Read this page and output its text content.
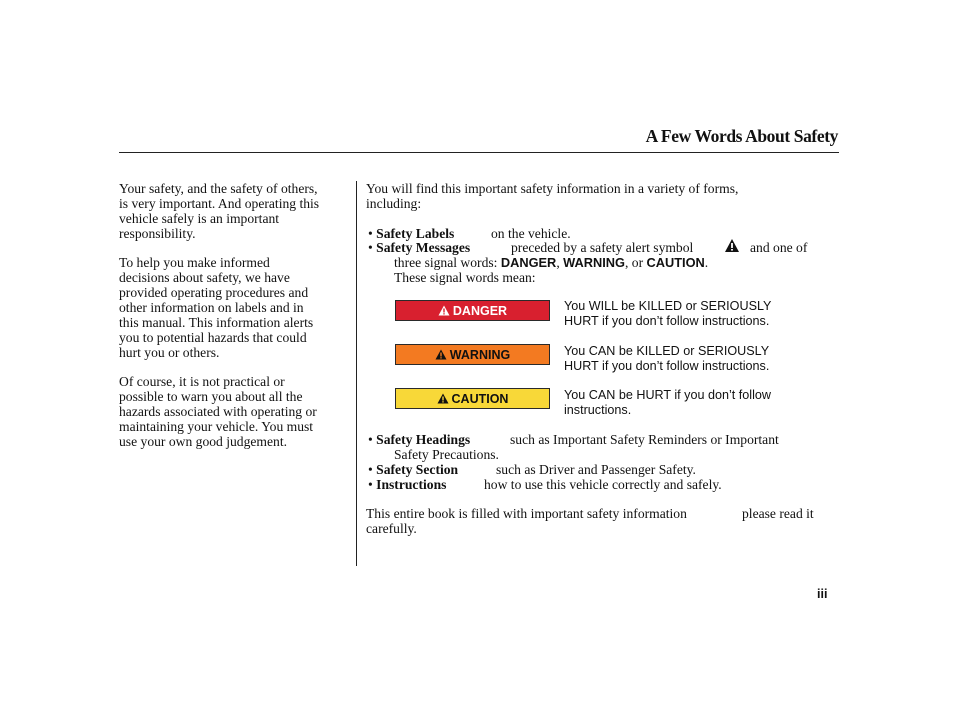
A Few Words About Safety

Your safety, and the safety of others,
is very important. And operating this
vehicle safely is an important
responsibility.

To help you make informed
decisions about safety, we have
provided operating procedures and
other information on labels and in
this manual. This information alerts
you to potential hazards that could
hurt you or others.

Of course, it is not practical or
possible to warn you about all the
hazards associated with operating or
maintaining your vehicle. You must
use your own good judgement.

You will find this important safety information in a variety of forms,
including:
• Safety Labels	on the vehicle.
• Safety Messages	preceded by a safety alert symbol	and one of
three signal words: DANGER, WARNING, or CAUTION.
These signal words mean:
DANGER	You WILL be KILLED or SERIOUSLY
HURT if you don’t follow instructions.
WARNING	You CAN be KILLED or SERIOUSLY
HURT if you don’t follow instructions.
CAUTION	You CAN be HURT if you don’t follow
instructions.
• Safety Headings	such as Important Safety Reminders or Important
Safety Precautions.
• Safety Section	such as Driver and Passenger Safety.
• Instructions	how to use this vehicle correctly and safely.
This entire book is filled with important safety information	please read it
carefully.
iii
